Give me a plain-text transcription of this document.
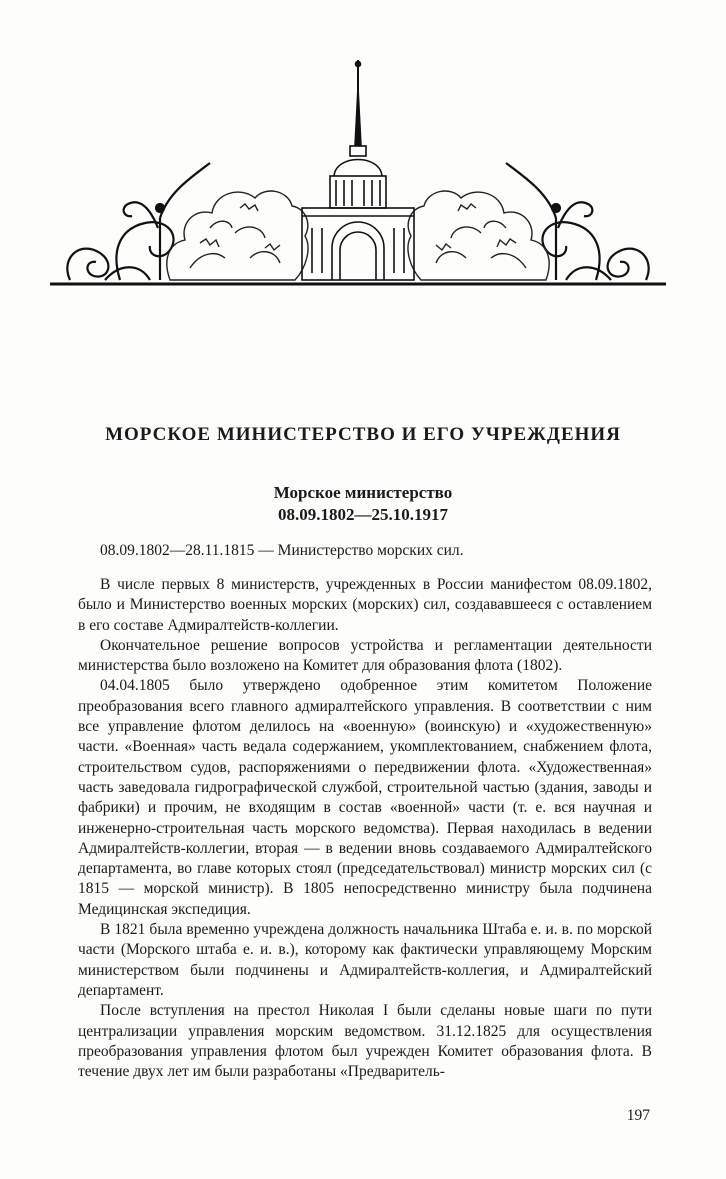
МОРСКОЕ МИНИСТЕРСТВО И ЕГО УЧРЕЖДЕНИЯ
Морское министерство
08.09.1802—25.10.1917
08.09.1802—28.11.1815 — Министерство морских сил.

В числе первых 8 министерств, учрежденных в России манифестом 08.09.1802, было и Министерство военных морских (морских) сил, создававшееся с оставлением в его составе Адмиралтейств-коллегии.

Окончательное решение вопросов устройства и регламентации деятельности министерства было возложено на Комитет для образования флота (1802).

04.04.1805 было утверждено одобренное этим комитетом Положение преобразования всего главного адмиралтейского управления. В соответствии с ним все управление флотом делилось на «военную» (воинскую) и «художественную» части. «Военная» часть ведала содержанием, укомплектованием, снабжением флота, строительством судов, распоряжениями о передвижении флота. «Художественная» часть заведовала гидрографической службой, строительной частью (здания, заводы и фабрики) и прочим, не входящим в состав «военной» части (т. е. вся научная и инженерно-строительная часть морского ведомства). Первая находилась в ведении Адмиралтейств-коллегии, вторая — в ведении вновь создаваемого Адмиралтейского департамента, во главе которых стоял (председательствовал) министр морских сил (с 1815 — морской министр). В 1805 непосредственно министру была подчинена Медицинская экспедиция.

В 1821 была временно учреждена должность начальника Штаба е. и. в. по морской части (Морского штаба е. и. в.), которому как фактически управляющему Морским министерством были подчинены и Адмиралтейств-коллегия, и Адмиралтейский департамент.

После вступления на престол Николая I были сделаны новые шаги по пути централизации управления морским ведомством. 31.12.1825 для осуществления преобразования управления флотом был учрежден Комитет образования флота. В течение двух лет им были разработаны «Предваритель-

197
